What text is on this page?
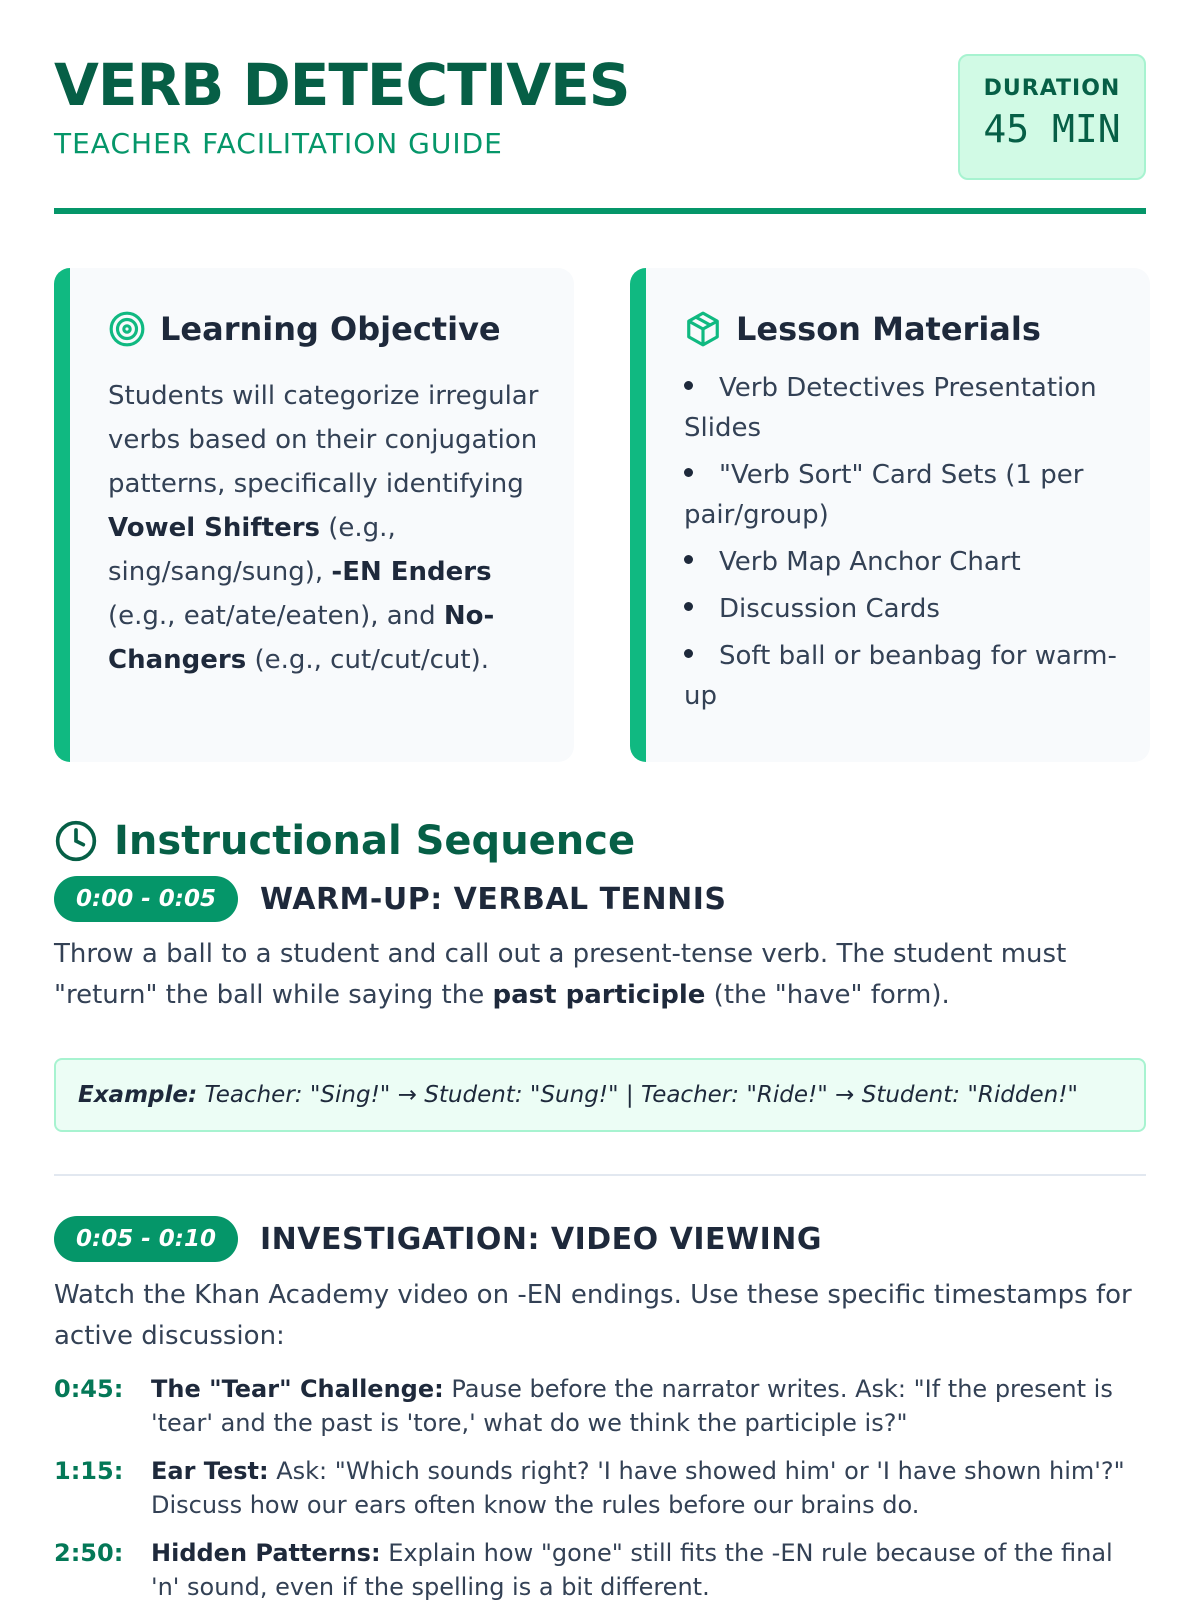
VERB DETECTIVES
TEACHER FACILITATION GUIDE
DURATION
45 MIN
Learning Objective
Students will categorize irregular verbs based on their conjugation patterns, specifically identifying Vowel Shifters (e.g., sing/sang/sung), -EN Enders (e.g., eat/ate/eaten), and No-Changers (e.g., cut/cut/cut).
Lesson Materials
Verb Detectives Presentation Slides
"Verb Sort" Card Sets (1 per pair/group)
Verb Map Anchor Chart
Discussion Cards
Soft ball or beanbag for warm-up
Instructional Sequence
0:00 - 0:05	WARM-UP: VERBAL TENNIS
Throw a ball to a student and call out a present-tense verb. The student must "return" the ball while saying the past participle (the "have" form).
Example: Teacher: "Sing!" → Student: "Sung!" | Teacher: "Ride!" → Student: "Ridden!"
0:05 - 0:10	INVESTIGATION: VIDEO VIEWING
Watch the Khan Academy video on -EN endings. Use these specific timestamps for active discussion:
0:45:	The "Tear" Challenge: Pause before the narrator writes. Ask: "If the present is 'tear' and the past is 'tore,' what do we think the participle is?"
1:15:	Ear Test: Ask: "Which sounds right? 'I have showed him' or 'I have shown him'?" Discuss how our ears often know the rules before our brains do.
2:50:	Hidden Patterns: Explain how "gone" still fits the -EN rule because of the final 'n' sound, even if the spelling is a bit different.
